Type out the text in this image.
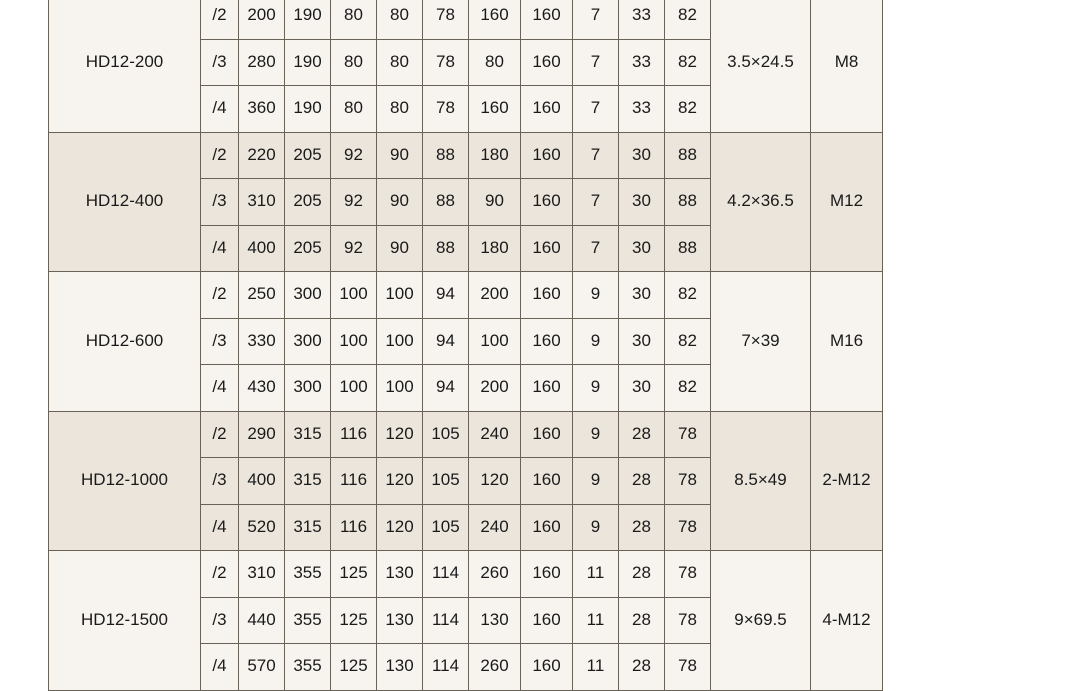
HD12-200	/2	200	190	80	80	78	160	160	7	33	82	3.5×24.5	M8
	/3	280	190	80	80	78	80	160	7	33	82		
	/4	360	190	80	80	78	160	160	7	33	82		
HD12-400	/2	220	205	92	90	88	180	160	7	30	88	4.2×36.5	M12
	/3	310	205	92	90	88	90	160	7	30	88		
	/4	400	205	92	90	88	180	160	7	30	88		
HD12-600	/2	250	300	100	100	94	200	160	9	30	82	7×39	M16
	/3	330	300	100	100	94	100	160	9	30	82		
	/4	430	300	100	100	94	200	160	9	30	82		
HD12-1000	/2	290	315	116	120	105	240	160	9	28	78	8.5×49	2-M12
	/3	400	315	116	120	105	120	160	9	28	78		
	/4	520	315	116	120	105	240	160	9	28	78		
HD12-1500	/2	310	355	125	130	114	260	160	11	28	78	9×69.5	4-M12
	/3	440	355	125	130	114	130	160	11	28	78		
	/4	570	355	125	130	114	260	160	11	28	78		
